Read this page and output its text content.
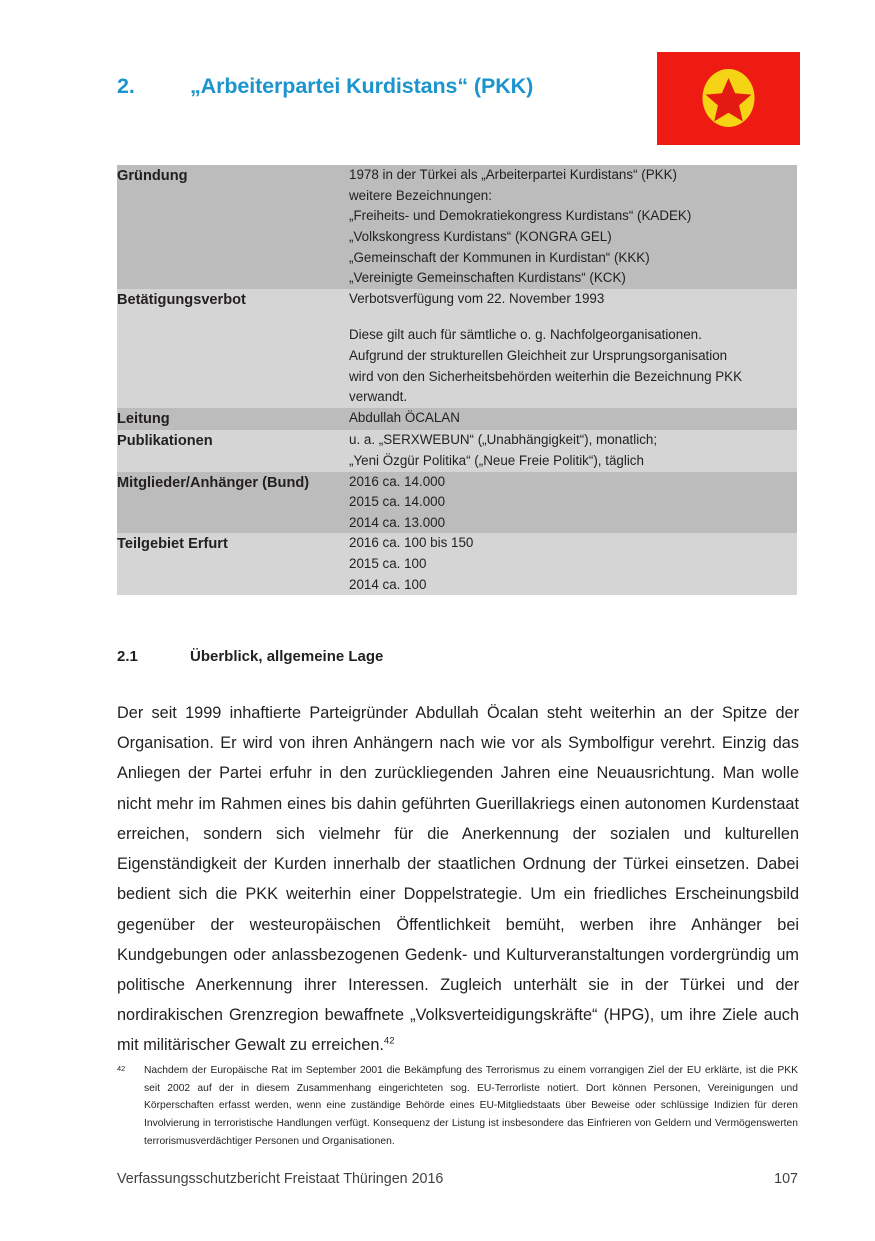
2.	„Arbeiterpartei Kurdistans“ (PKK)
Gründung	1978 in der Türkei als „Arbeiterpartei Kurdistans“ (PKK)
weitere Bezeichnungen:
„Freiheits- und Demokratiekongress Kurdistans“ (KADEK)
„Volkskongress Kurdistans“ (KONGRA GEL)
„Gemeinschaft der Kommunen in Kurdistan“ (KKK)
„Vereinigte Gemeinschaften Kurdistans“ (KCK)

Betätigungsverbot	Verbotsverfügung vom 22. November 1993
Diese gilt auch für sämtliche o. g. Nachfolgeorganisationen.
Aufgrund der strukturellen Gleichheit zur Ursprungsorganisation
wird von den Sicherheitsbehörden weiterhin die Bezeichnung PKK
verwandt.

Leitung	Abdullah ÖCALAN

Publikationen	u. a. „SERXWEBUN“ („Unabhängigkeit“), monatlich;
„Yeni Özgür Politika“ („Neue Freie Politik“), täglich

Mitglieder/Anhänger (Bund)	2016 ca. 14.000
2015 ca. 14.000
2014 ca. 13.000

Teilgebiet Erfurt	2016 ca. 100 bis 150
2015 ca. 100
2014 ca. 100
2.1	Überblick, allgemeine Lage
Der seit 1999 inhaftierte Parteigründer Abdullah Öcalan steht weiterhin an der Spitze der Organisation. Er wird von ihren Anhängern nach wie vor als Symbolfigur verehrt. Einzig das Anliegen der Partei erfuhr in den zurückliegenden Jahren eine Neuausrichtung. Man wolle nicht mehr im Rahmen eines bis dahin geführten Guerillakriegs einen autonomen Kurdenstaat erreichen, sondern sich vielmehr für die Anerkennung der sozialen und kulturellen Eigenständigkeit der Kurden innerhalb der staatlichen Ordnung der Türkei einsetzen. Dabei bedient sich die PKK weiterhin einer Doppelstrategie. Um ein friedliches Erscheinungsbild gegenüber der westeuropäischen Öffentlichkeit bemüht, werben ihre Anhänger bei Kundgebungen oder anlassbezogenen Gedenk- und Kulturveranstaltungen vordergründig um politische Anerkennung ihrer Interessen. Zugleich unterhält sie in der Türkei und der nordirakischen Grenzregion bewaffnete „Volksverteidigungskräfte“ (HPG), um ihre Ziele auch mit militärischer Gewalt zu erreichen.$^{42}$
42	Nachdem der Europäische Rat im September 2001 die Bekämpfung des Terrorismus zu einem vorrangigen Ziel der EU erklärte, ist die PKK seit 2002 auf der in diesem Zusammenhang eingerichteten sog. EU-Terrorliste notiert. Dort können Personen, Vereinigungen und Körperschaften erfasst werden, wenn eine zuständige Behörde eines EU-Mitgliedstaats über Beweise oder schlüssige Indizien für deren Involvierung in terroristische Handlungen verfügt. Konsequenz der Listung ist insbesondere das Einfrieren von Geldern und Vermögenswerten terrorismusverdächtiger Personen und Organisationen.
Verfassungsschutzbericht Freistaat Thüringen 2016	107
